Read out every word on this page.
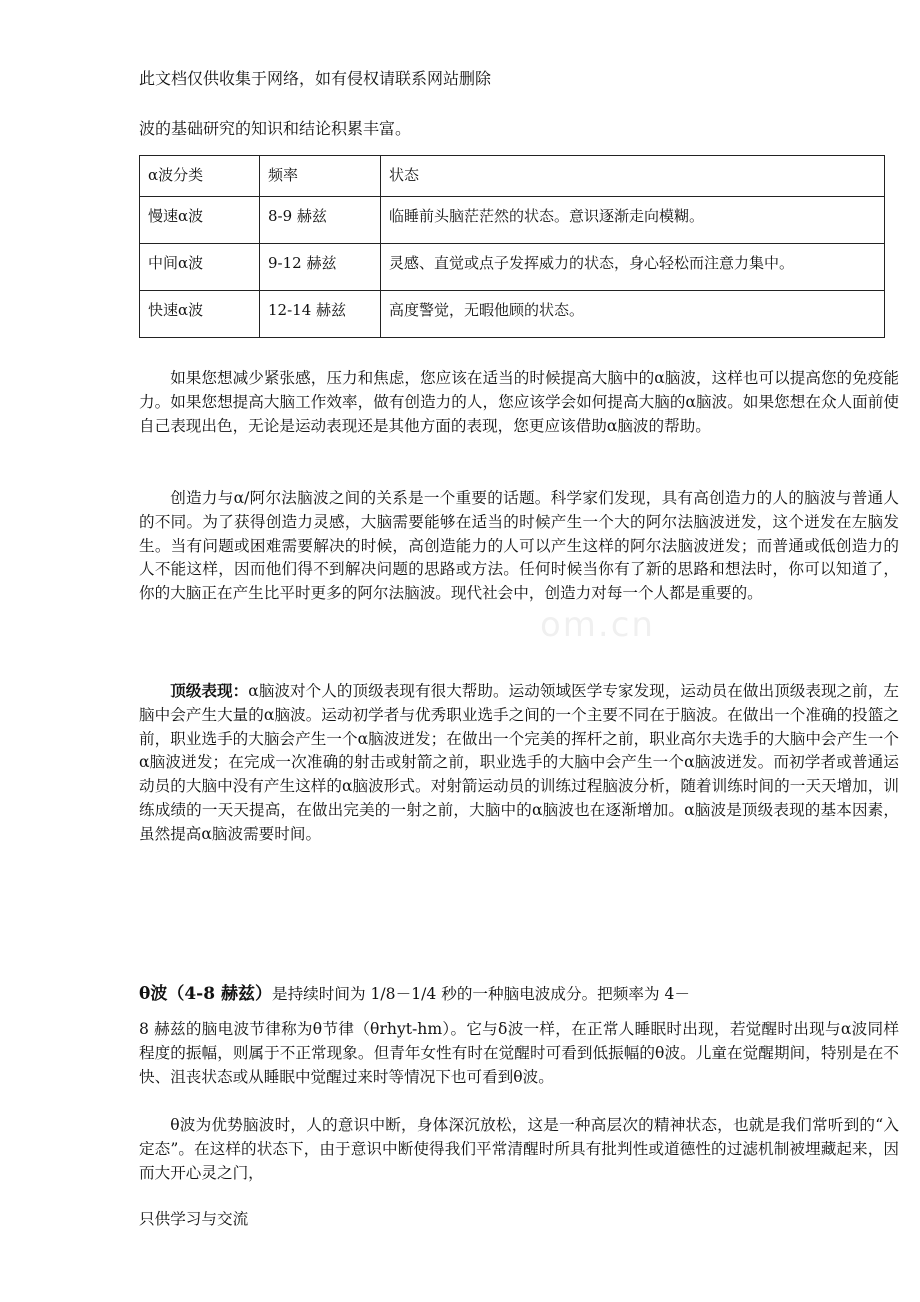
此文档仅供收集于网络，如有侵权请联系网站删除
波的基础研究的知识和结论积累丰富。
α波分类	频率	状态
慢速α波	8-9 赫兹	临睡前头脑茫茫然的状态。意识逐渐走向模糊。
中间α波	9-12 赫兹	灵感、直觉或点子发挥威力的状态，身心轻松而注意力集中。
快速α波	12-14 赫兹	高度警觉，无暇他顾的状态。

如果您想减少紧张感，压力和焦虑，您应该在适当的时候提高大脑中的α脑波，这样也可以提高您的免疫能力。如果您想提高大脑工作效率，做有创造力的人，您应该学会如何提高大脑的α脑波。如果您想在众人面前使自己表现出色，无论是运动表现还是其他方面的表现，您更应该借助α脑波的帮助。

创造力与α/阿尔法脑波之间的关系是一个重要的话题。科学家们发现，具有高创造力的人的脑波与普通人的不同。为了获得创造力灵感，大脑需要能够在适当的时候产生一个大的阿尔法脑波迸发，这个迸发在左脑发生。当有问题或困难需要解决的时候，高创造能力的人可以产生这样的阿尔法脑波迸发；而普通或低创造力的人不能这样，因而他们得不到解决问题的思路或方法。任何时候当你有了新的思路和想法时，你可以知道了，你的大脑正在产生比平时更多的阿尔法脑波。现代社会中，创造力对每一个人都是重要的。

om.cn

顶级表现：α脑波对个人的顶级表现有很大帮助。运动领域医学专家发现，运动员在做出顶级表现之前，左脑中会产生大量的α脑波。运动初学者与优秀职业选手之间的一个主要不同在于脑波。在做出一个准确的投篮之前，职业选手的大脑会产生一个α脑波迸发；在做出一个完美的挥杆之前，职业高尔夫选手的大脑中会产生一个α脑波迸发；在完成一次准确的射击或射箭之前，职业选手的大脑中会产生一个α脑波迸发。而初学者或普通运动员的大脑中没有产生这样的α脑波形式。对射箭运动员的训练过程脑波分析，随着训练时间的一天天增加，训练成绩的一天天提高，在做出完美的一射之前，大脑中的α脑波也在逐渐增加。α脑波是顶级表现的基本因素，虽然提高α脑波需要时间。

θ波（4-8 赫兹）是持续时间为 1/8－1/4 秒的一种脑电波成分。把频率为 4－

8 赫兹的脑电波节律称为θ节律（θrhyt-hm）。它与δ波一样，在正常人睡眠时出现，若觉醒时出现与α波同样程度的振幅，则属于不正常现象。但青年女性有时在觉醒时可看到低振幅的θ波。儿童在觉醒期间，特别是在不快、沮丧状态或从睡眠中觉醒过来时等情况下也可看到θ波。

θ波为优势脑波时，人的意识中断，身体深沉放松，这是一种高层次的精神状态，也就是我们常听到的“入定态”。在这样的状态下，由于意识中断使得我们平常清醒时所具有批判性或道德性的过滤机制被埋藏起来，因而大开心灵之门，

只供学习与交流
